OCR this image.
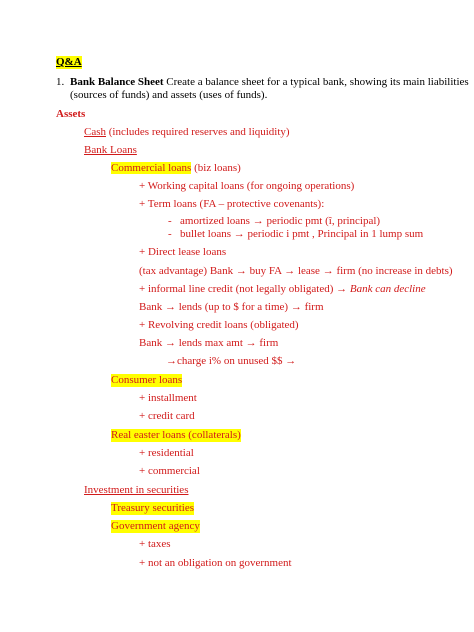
Q&A
1. Bank Balance Sheet Create a balance sheet for a typical bank, showing its main liabilities
(sources of funds) and assets (uses of funds).
Assets
Cash (includes required reserves and liquidity)
Bank Loans
Commercial loans (biz loans)
+ Working capital loans (for ongoing operations)
+ Term loans (FA – protective covenants):
- amortized loans → periodic pmt (î, principal)
- bullet loans → periodic i pmt , Principal in 1 lump sum
+ Direct lease loans
(tax advantage) Bank → buy FA → lease → firm (no increase in debts)
+ informal line credit (not legally obligated) → Bank can decline
Bank → lends (up to $ for a time) → firm
+ Revolving credit loans (obligated)
Bank → lends max amt → firm
→charge i% on unused $$ →
Consumer loans
+ installment
+ credit card
Real easter loans (collaterals)
+ residential
+ commercial
Investment in securities
Treasury securities
Government agency
+ taxes
+ not an obligation on government
